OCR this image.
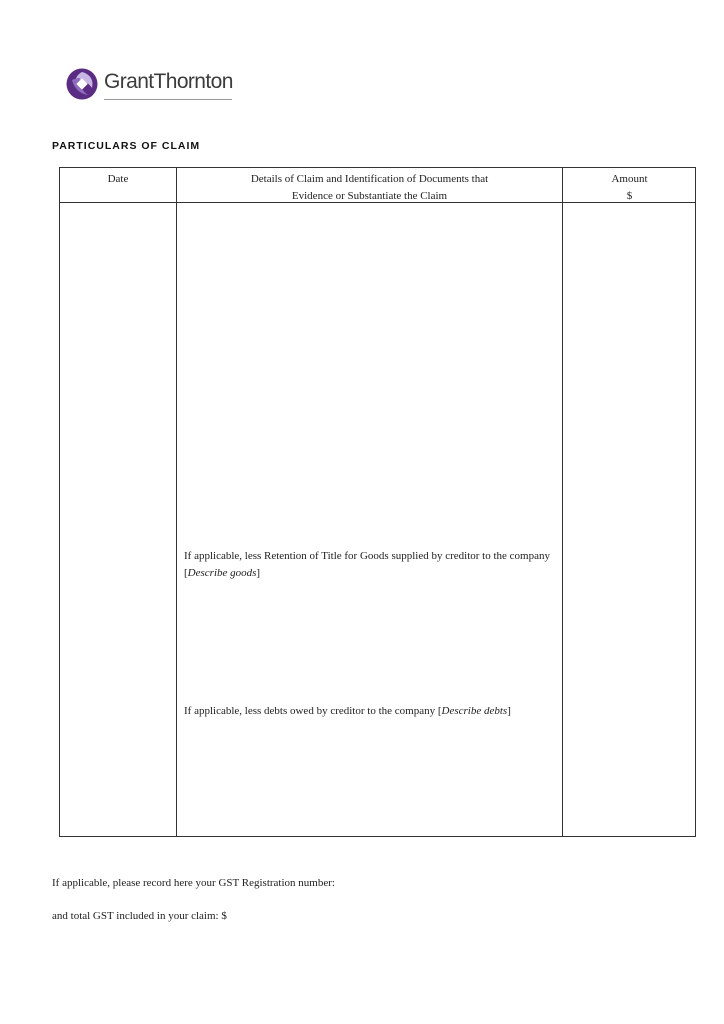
GrantThornton
PARTICULARS OF CLAIM
Date	Details of Claim and Identification of Documents that
Evidence or Substantiate the Claim
Amount
$
If applicable, less Retention of Title for Goods supplied by creditor to the company [Describe goods]
If applicable, less debts owed by creditor to the company [Describe debts]
If applicable, please record here your GST Registration number:
and total GST included in your claim: $
